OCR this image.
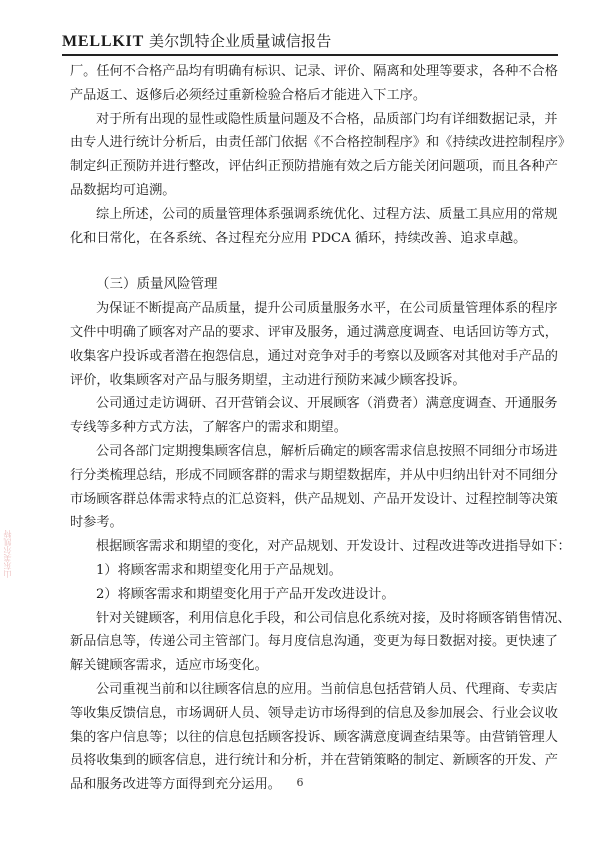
MELLKIT 美尔凯特企业质量诚信报告
山东美尔凯特
厂。任何不合格产品均有明确有标识、记录、评价、隔离和处理等要求，各种不合格
产品返工、返修后必须经过重新检验合格后才能进入下工序。
对于所有出现的显性或隐性质量问题及不合格，品质部门均有详细数据记录，并
由专人进行统计分析后，由责任部门依据《不合格控制程序》和《持续改进控制程序》
制定纠正预防并进行整改，评估纠正预防措施有效之后方能关闭问题项，而且各种产
品数据均可追溯。
综上所述，公司的质量管理体系强调系统优化、过程方法、质量工具应用的常规
化和日常化，在各系统、各过程充分应用 PDCA 循环，持续改善、追求卓越。
（三）质量风险管理
为保证不断提高产品质量，提升公司质量服务水平，在公司质量管理体系的程序
文件中明确了顾客对产品的要求、评审及服务，通过满意度调查、电话回访等方式，
收集客户投诉或者潜在抱怨信息，通过对竞争对手的考察以及顾客对其他对手产品的
评价，收集顾客对产品与服务期望，主动进行预防来减少顾客投诉。
公司通过走访调研、召开营销会议、开展顾客（消费者）满意度调查、开通服务
专线等多种方式方法，了解客户的需求和期望。
公司各部门定期搜集顾客信息，解析后确定的顾客需求信息按照不同细分市场进
行分类梳理总结，形成不同顾客群的需求与期望数据库，并从中归纳出针对不同细分
市场顾客群总体需求特点的汇总资料，供产品规划、产品开发设计、过程控制等决策
时参考。
根据顾客需求和期望的变化，对产品规划、开发设计、过程改进等改进指导如下：
1）将顾客需求和期望变化用于产品规划。
2）将顾客需求和期望变化用于产品开发改进设计。
针对关键顾客，利用信息化手段，和公司信息化系统对接，及时将顾客销售情况、
新品信息等，传递公司主管部门。每月度信息沟通，变更为每日数据对接。更快速了
解关键顾客需求，适应市场变化。
公司重视当前和以往顾客信息的应用。当前信息包括营销人员、代理商、专卖店
等收集反馈信息，市场调研人员、领导走访市场得到的信息及参加展会、行业会议收
集的客户信息等；以往的信息包括顾客投诉、顾客满意度调查结果等。由营销管理人
员将收集到的顾客信息，进行统计和分析，并在营销策略的制定、新顾客的开发、产
品和服务改进等方面得到充分运用。	6
